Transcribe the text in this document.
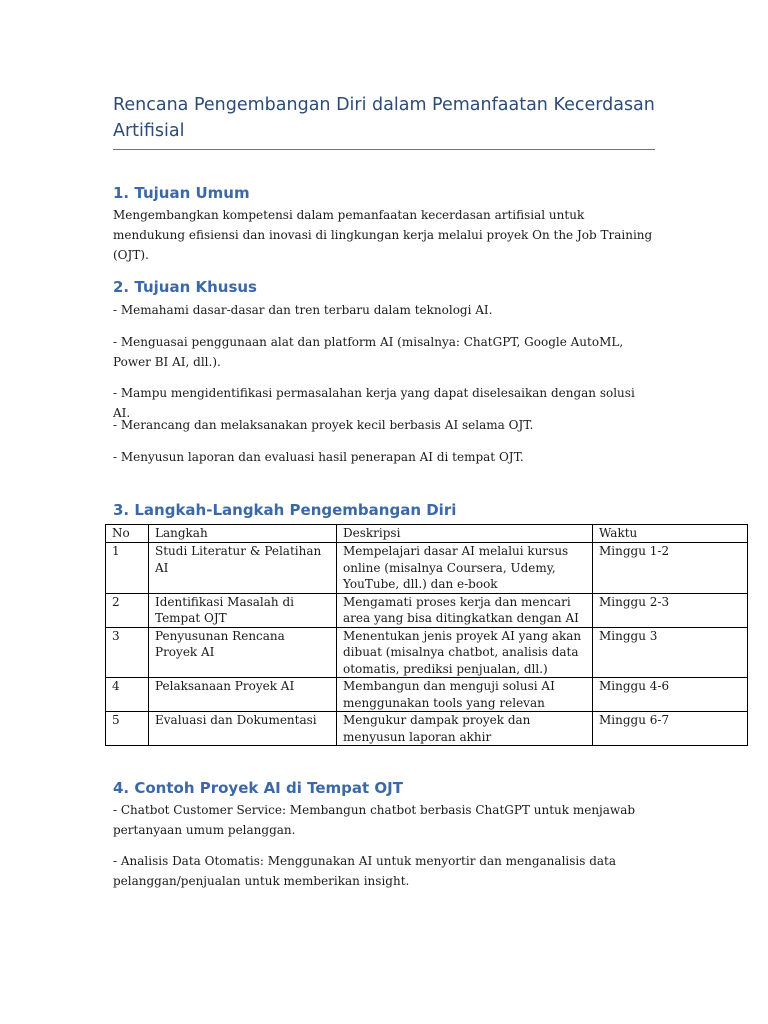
Rencana Pengembangan Diri dalam Pemanfaatan Kecerdasan Artifisial
1. Tujuan Umum

Mengembangkan kompetensi dalam pemanfaatan kecerdasan artifisial untuk mendukung efisiensi dan inovasi di lingkungan kerja melalui proyek On the Job Training (OJT).

2. Tujuan Khusus

- Memahami dasar-dasar dan tren terbaru dalam teknologi AI.

- Menguasai penggunaan alat dan platform AI (misalnya: ChatGPT, Google AutoML, Power BI AI, dll.).

- Mampu mengidentifikasi permasalahan kerja yang dapat diselesaikan dengan solusi AI.

- Merancang dan melaksanakan proyek kecil berbasis AI selama OJT.

- Menyusun laporan dan evaluasi hasil penerapan AI di tempat OJT.

3. Langkah-Langkah Pengembangan Diri
No	Langkah	Deskripsi	Waktu
1	Studi Literatur & Pelatihan AI	Mempelajari dasar AI melalui kursus online (misalnya Coursera, Udemy, YouTube, dll.) dan e-book	Minggu 1-2
2	Identifikasi Masalah di Tempat OJT	Mengamati proses kerja dan mencari area yang bisa ditingkatkan dengan AI	Minggu 2-3
3	Penyusunan Rencana Proyek AI	Menentukan jenis proyek AI yang akan dibuat (misalnya chatbot, analisis data otomatis, prediksi penjualan, dll.)	Minggu 3
4	Pelaksanaan Proyek AI	Membangun dan menguji solusi AI menggunakan tools yang relevan	Minggu 4-6
5	Evaluasi dan Dokumentasi	Mengukur dampak proyek dan menyusun laporan akhir	Minggu 6-7
4. Contoh Proyek AI di Tempat OJT

- Chatbot Customer Service: Membangun chatbot berbasis ChatGPT untuk menjawab pertanyaan umum pelanggan.

- Analisis Data Otomatis: Menggunakan AI untuk menyortir dan menganalisis data pelanggan/penjualan untuk memberikan insight.
